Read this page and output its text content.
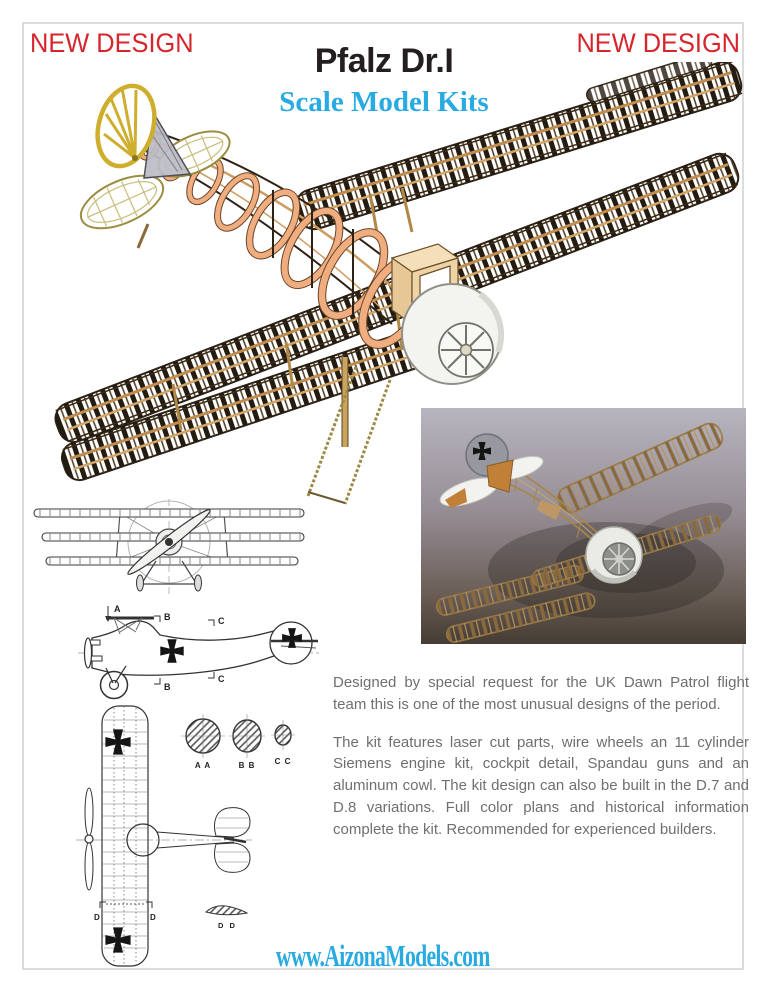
NEW DESIGN	NEW DESIGN
Pfalz Dr.I
Scale Model Kits
A
B
B
C
C
D	D
D D
A A	B B C C

Designed by special request for the UK Dawn Patrol flight team this is one of the most unusual designs of the period.

The kit features laser cut parts, wire wheels an 11 cylinder Siemens engine kit, cockpit detail, Spandau guns and an aluminum cowl. The kit design can also be built in the D.7 and D.8 variations. Full color plans and historical information complete the kit. Recommended for experienced builders.

www.AizonaModels.com
